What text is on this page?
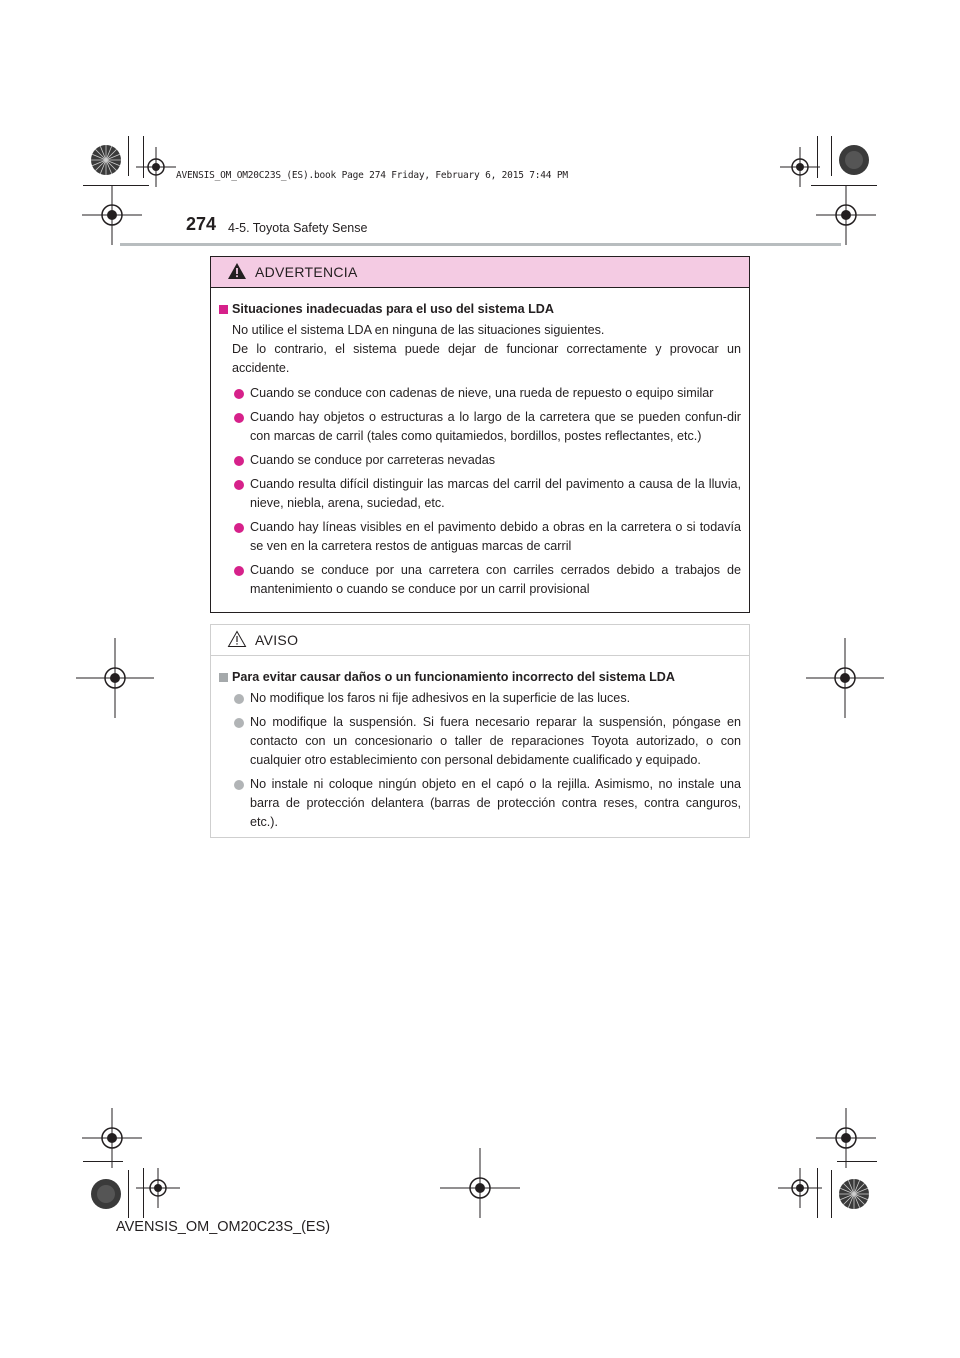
AVENSIS_OM_OM20C23S_(ES).book Page 274 Friday, February 6, 2015 7:44 PM
274 4-5. Toyota Safety Sense
ADVERTENCIA
Situaciones inadecuadas para el uso del sistema LDA
No utilice el sistema LDA en ninguna de las situaciones siguientes.
De lo contrario, el sistema puede dejar de funcionar correctamente y provocar un accidente.
Cuando se conduce con cadenas de nieve, una rueda de repuesto o equipo similar
Cuando hay objetos o estructuras a lo largo de la carretera que se pueden confun-dir con marcas de carril (tales como quitamiedos, bordillos, postes reflectantes, etc.)
Cuando se conduce por carreteras nevadas
Cuando resulta difícil distinguir las marcas del carril del pavimento a causa de la lluvia, nieve, niebla, arena, suciedad, etc.
Cuando hay líneas visibles en el pavimento debido a obras en la carretera o si todavía se ven en la carretera restos de antiguas marcas de carril
Cuando se conduce por una carretera con carriles cerrados debido a trabajos de mantenimiento o cuando se conduce por un carril provisional
AVISO
Para evitar causar daños o un funcionamiento incorrecto del sistema LDA
No modifique los faros ni fije adhesivos en la superficie de las luces.
No modifique la suspensión. Si fuera necesario reparar la suspensión, póngase en contacto con un concesionario o taller de reparaciones Toyota autorizado, o con cualquier otro establecimiento con personal debidamente cualificado y equipado.
No instale ni coloque ningún objeto en el capó o la rejilla. Asimismo, no instale una barra de protección delantera (barras de protección contra reses, contra canguros, etc.).
AVENSIS_OM_OM20C23S_(ES)
